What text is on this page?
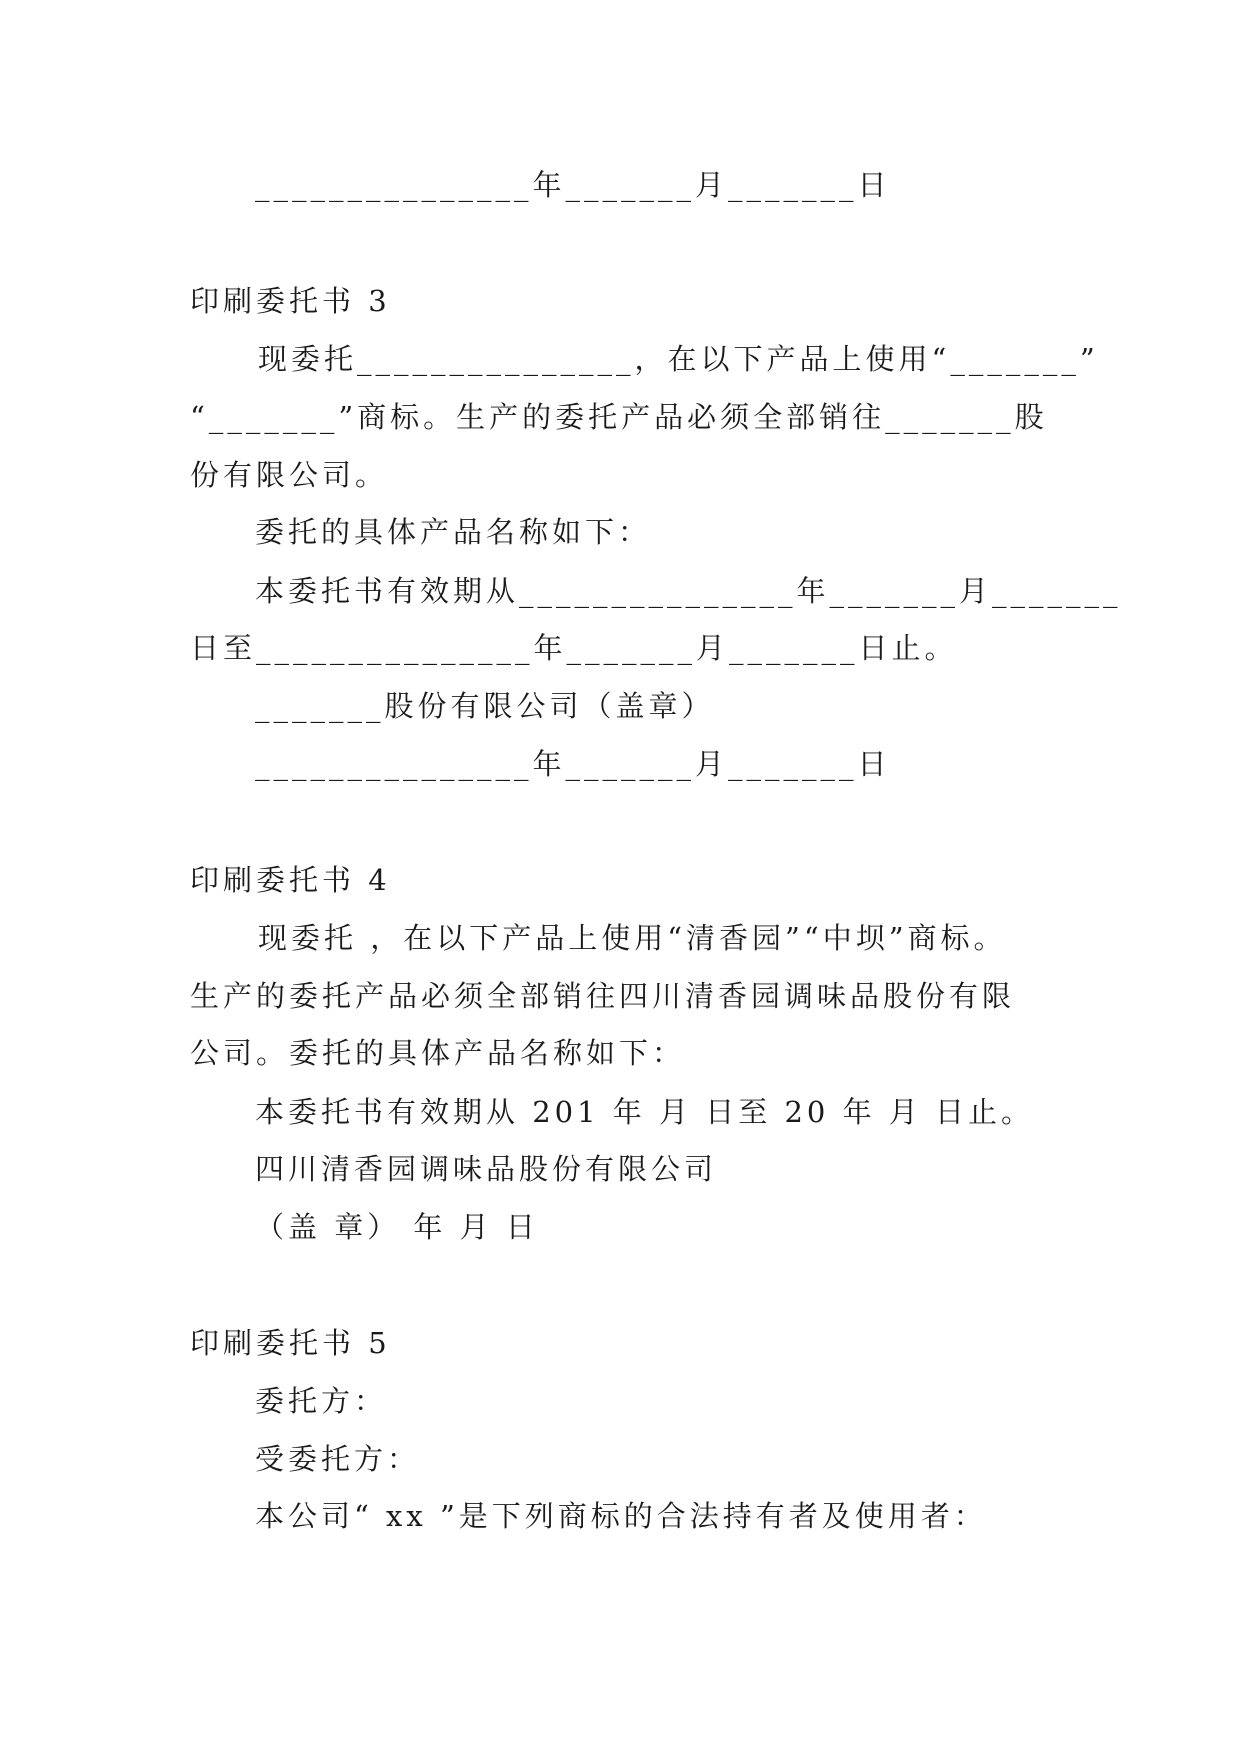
_______________年_______月_______日
印刷委托书 3
现委托_______________，在以下产品上使用“_______”
“_______”商标。生产的委托产品必须全部销往_______股
份有限公司。
委托的具体产品名称如下：
本委托书有效期从_______________年_______月_______
日至_______________年_______月_______日止。
_______股份有限公司（盖章）
_______________年_______月_______日
印刷委托书 4
现委托 ，在以下产品上使用“清香园”“中坝”商标。
生产的委托产品必须全部销往四川清香园调味品股份有限
公司。委托的具体产品名称如下：
本委托书有效期从 201 年 月 日至 20 年 月 日止。
四川清香园调味品股份有限公司
（盖 章） 年 月 日
印刷委托书 5
委托方：
受委托方：
本公司“ xx ”是下列商标的合法持有者及使用者：
